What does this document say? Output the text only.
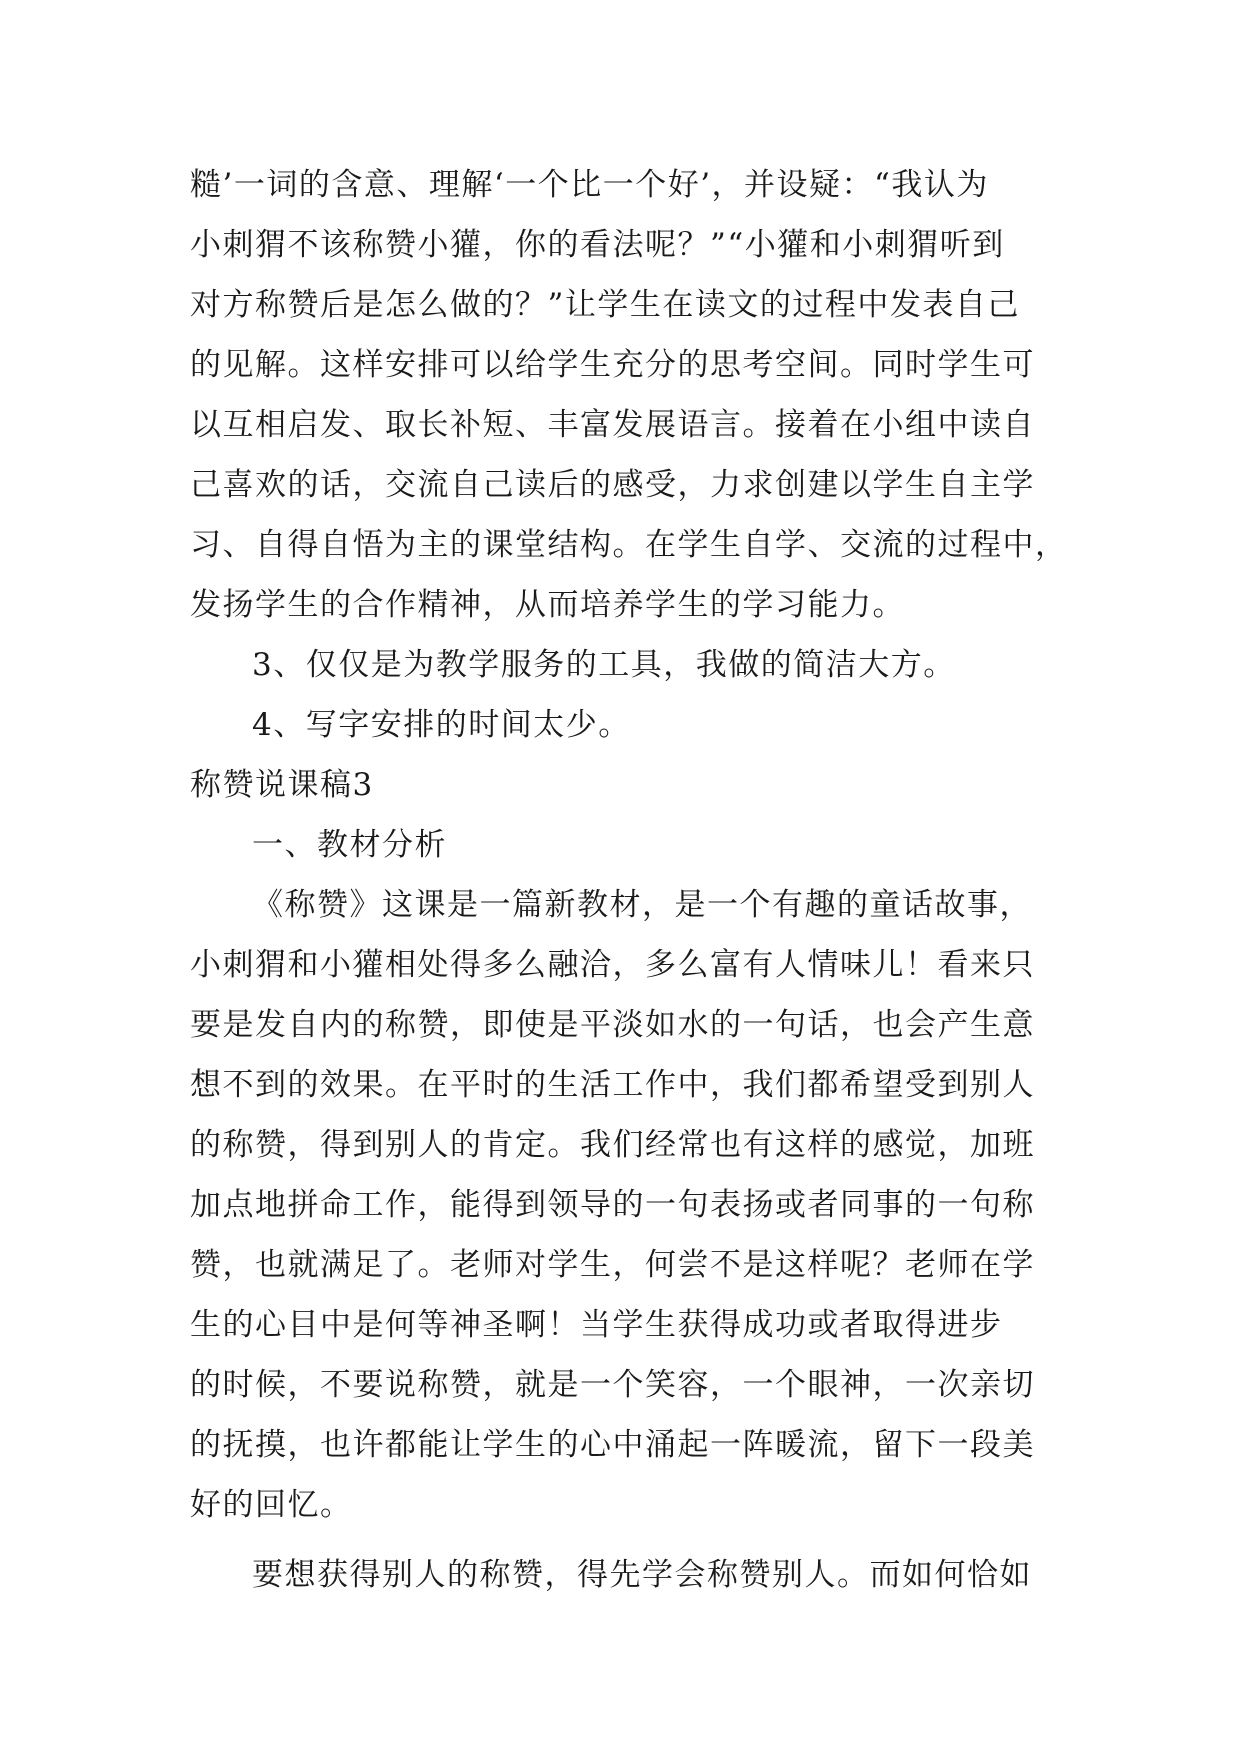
糙’一词的含意、理解‘一个比一个好’，并设疑：“我认为
小刺猬不该称赞小獾，你的看法呢？”“小獾和小刺猬听到
对方称赞后是怎么做的？”让学生在读文的过程中发表自己
的见解。这样安排可以给学生充分的思考空间。同时学生可
以互相启发、取长补短、丰富发展语言。接着在小组中读自
己喜欢的话，交流自己读后的感受，力求创建以学生自主学
习、自得自悟为主的课堂结构。在学生自学、交流的过程中，
发扬学生的合作精神，从而培养学生的学习能力。
3、仅仅是为教学服务的工具，我做的简洁大方。
4、写字安排的时间太少。
称赞说课稿3
一、教材分析
《称赞》这课是一篇新教材，是一个有趣的童话故事，
小刺猬和小獾相处得多么融洽，多么富有人情味儿！看来只
要是发自内的称赞，即使是平淡如水的一句话，也会产生意
想不到的效果。在平时的生活工作中，我们都希望受到别人
的称赞，得到别人的肯定。我们经常也有这样的感觉，加班
加点地拼命工作，能得到领导的一句表扬或者同事的一句称
赞，也就满足了。老师对学生，何尝不是这样呢？老师在学
生的心目中是何等神圣啊！当学生获得成功或者取得进步
的时候，不要说称赞，就是一个笑容，一个眼神，一次亲切
的抚摸，也许都能让学生的心中涌起一阵暖流，留下一段美
好的回忆。
要想获得别人的称赞，得先学会称赞别人。而如何恰如
